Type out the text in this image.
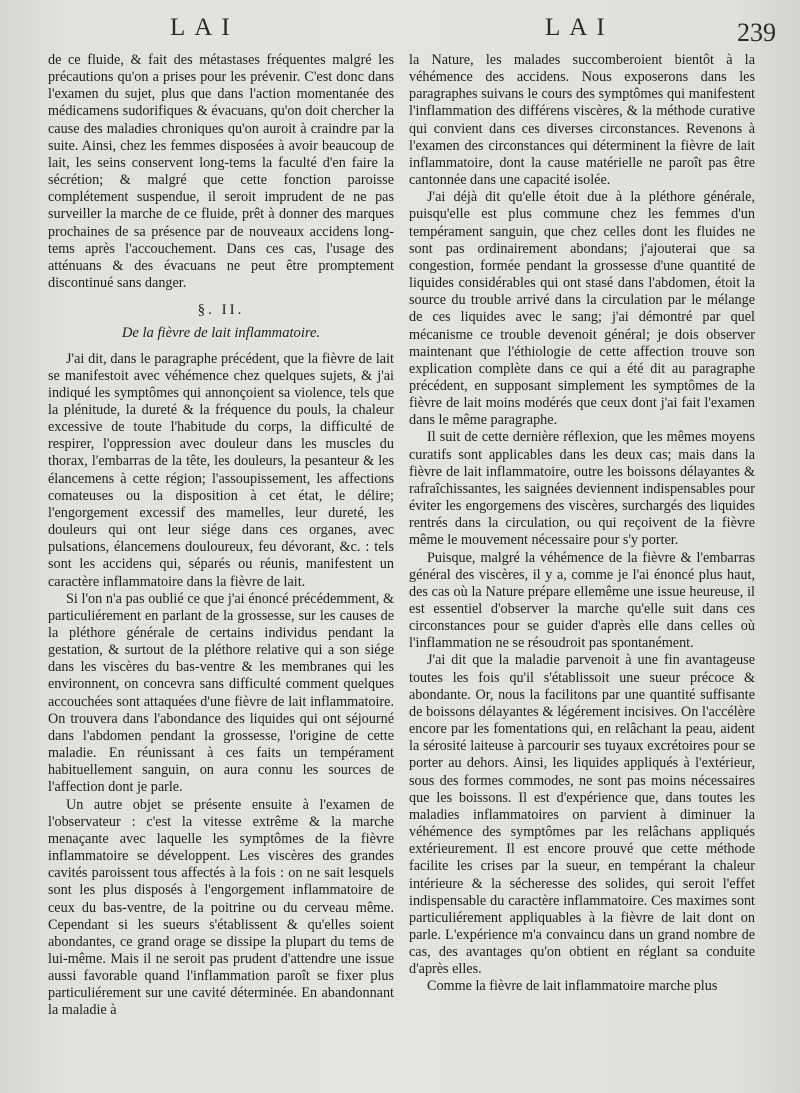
LAI	LAI	239

de ce fluide, & fait des métastases fréquentes malgré les précautions qu'on a prises pour les prévenir. C'est donc dans l'examen du sujet, plus que dans l'action momentanée des médicamens sudorifiques & évacuans, qu'on doit chercher la cause des maladies chroniques qu'on auroit à craindre par la suite. Ainsi, chez les femmes disposées à avoir beaucoup de lait, les seins conservent long-tems la faculté d'en faire la sécrétion; & malgré que cette fonction paroisse complétement suspendue, il seroit imprudent de ne pas surveiller la marche de ce fluide, prêt à donner des marques prochaines de sa présence par de nouveaux accidens long-tems après l'accouchement. Dans ces cas, l'usage des atténuans & des évacuans ne peut être promptement discontinué sans danger.

§. II.
De la fièvre de lait inflammatoire.

J'ai dit, dans le paragraphe précédent, que la fièvre de lait se manifestoit avec véhémence chez quelques sujets, & j'ai indiqué les symptômes qui annonçoient sa violence, tels que la plénitude, la dureté & la fréquence du pouls, la chaleur excessive de toute l'habitude du corps, la difficulté de respirer, l'oppression avec douleur dans les muscles du thorax, l'embarras de la tête, les douleurs, la pesanteur & les élancemens à cette région; l'assoupissement, les affections comateuses ou la disposition à cet état, le délire; l'engorgement excessif des mamelles, leur dureté, les douleurs qui ont leur siége dans ces organes, avec pulsations, élancemens douloureux, feu dévorant, &c. : tels sont les accidens qui, séparés ou réunis, manifestent un caractère inflammatoire dans la fièvre de lait.

Si l'on n'a pas oublié ce que j'ai énoncé précédemment, & particuliérement en parlant de la grossesse, sur les causes de la pléthore générale de certains individus pendant la gestation, & surtout de la pléthore relative qui a son siége dans les viscères du bas-ventre & les membranes qui les environnent, on concevra sans difficulté comment quelques accouchées sont attaquées d'une fièvre de lait inflammatoire. On trouvera dans l'abondance des liquides qui ont séjourné dans l'abdomen pendant la grossesse, l'origine de cette maladie. En réunissant à ces faits un tempérament habituellement sanguin, on aura connu les sources de l'affection dont je parle.

Un autre objet se présente ensuite à l'examen de l'observateur : c'est la vitesse extrême & la marche menaçante avec laquelle les symptômes de la fièvre inflammatoire se développent. Les viscères des grandes cavités paroissent tous affectés à la fois : on ne sait lesquels sont les plus disposés à l'engorgement inflammatoire de ceux du bas-ventre, de la poitrine ou du cerveau même. Cependant si les sueurs s'établissent & qu'elles soient abondantes, ce grand orage se dissipe la plupart du tems de lui-même. Mais il ne seroit pas prudent d'attendre une issue aussi favorable quand l'inflammation paroît se fixer plus particuliérement sur une cavité déterminée. En abandonnant la maladie à

la Nature, les malades succomberoient bientôt à la véhémence des accidens. Nous exposerons dans les paragraphes suivans le cours des symptômes qui manifestent l'inflammation des différens viscères, & la méthode curative qui convient dans ces diverses circonstances. Revenons à l'examen des circonstances qui déterminent la fièvre de lait inflammatoire, dont la cause matérielle ne paroît pas être cantonnée dans une capacité isolée.

J'ai déjà dit qu'elle étoit due à la pléthore générale, puisqu'elle est plus commune chez les femmes d'un tempérament sanguin, que chez celles dont les fluides ne sont pas ordinairement abondans; j'ajouterai que sa congestion, formée pendant la grossesse d'une quantité de liquides considérables qui ont stasé dans l'abdomen, étoit la source du trouble arrivé dans la circulation par le mélange de ces liquides avec le sang; j'ai démontré par quel mécanisme ce trouble devenoit général; je dois observer maintenant que l'éthiologie de cette affection trouve son explication complète dans ce qui a été dit au paragraphe précédent, en supposant simplement les symptômes de la fièvre de lait moins modérés que ceux dont j'ai fait l'examen dans le même paragraphe.

Il suit de cette dernière réflexion, que les mêmes moyens curatifs sont applicables dans les deux cas; mais dans la fièvre de lait inflammatoire, outre les boissons délayantes & rafraîchissantes, les saignées deviennent indispensables pour éviter les engorgemens des viscères, surchargés des liquides rentrés dans la circulation, ou qui reçoivent de la fièvre même le mouvement nécessaire pour s'y porter.

Puisque, malgré la véhémence de la fièvre & l'embarras général des viscères, il y a, comme je l'ai énoncé plus haut, des cas où la Nature prépare ellemême une issue heureuse, il est essentiel d'observer la marche qu'elle suit dans ces circonstances pour se guider d'après elle dans celles où l'inflammation ne se résoudroit pas spontanément.

J'ai dit que la maladie parvenoit à une fin avantageuse toutes les fois qu'il s'établissoit une sueur précoce & abondante. Or, nous la facilitons par une quantité suffisante de boissons délayantes & légérement incisives. On l'accélère encore par les fomentations qui, en relâchant la peau, aident la sérosité laiteuse à parcourir ses tuyaux excrétoires pour se porter au dehors. Ainsi, les liquides appliqués à l'extérieur, sous des formes commodes, ne sont pas moins nécessaires que les boissons. Il est d'expérience que, dans toutes les maladies inflammatoires on parvient à diminuer la véhémence des symptômes par les relâchans appliqués extérieurement. Il est encore prouvé que cette méthode facilite les crises par la sueur, en tempérant la chaleur intérieure & la sécheresse des solides, qui seroit l'effet indispensable du caractère inflammatoire. Ces maximes sont particuliérement appliquables à la fièvre de lait dont on parle. L'expérience m'a convaincu dans un grand nombre de cas, des avantages qu'on obtient en réglant sa conduite d'après elles.

Comme la fièvre de lait inflammatoire marche plus
